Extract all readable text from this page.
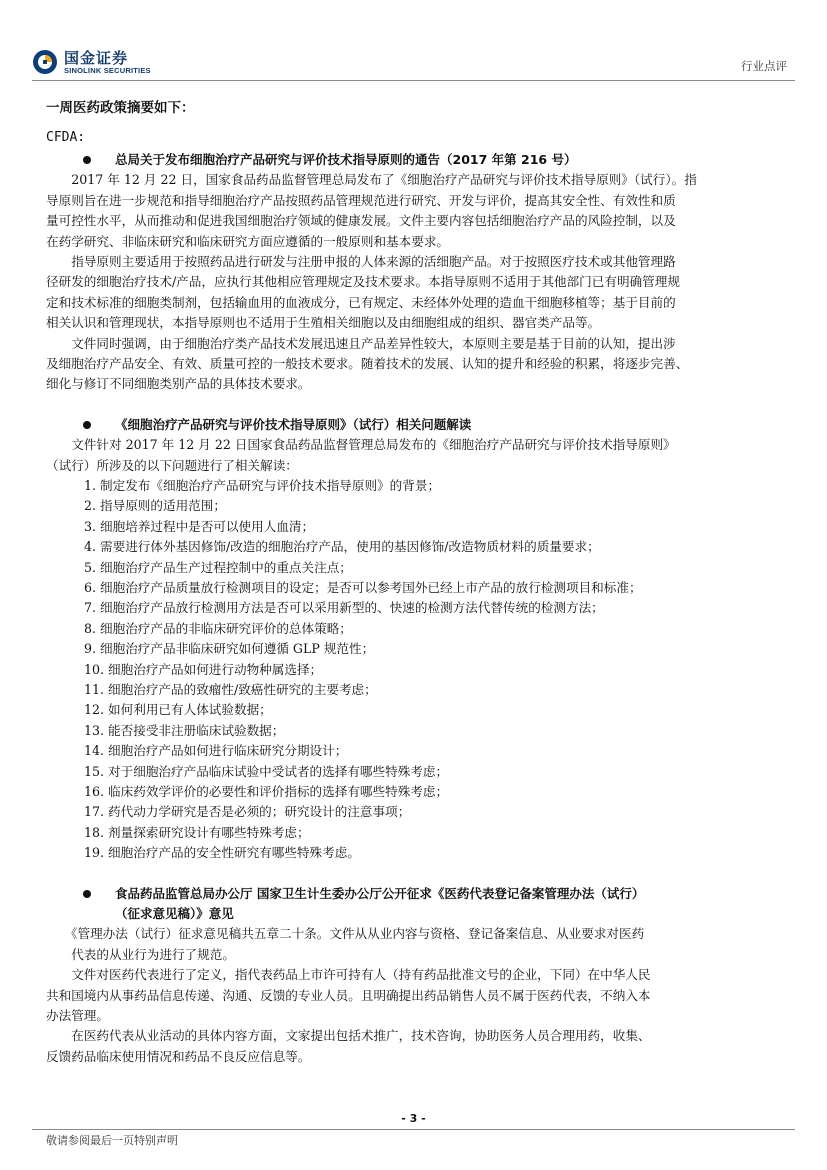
国金证券
SINOLINK SECURITIES	行业点评
一周医药政策摘要如下：
CFDA:
总局关于发布细胞治疗产品研究与评价技术指导原则的通告（2017 年第 216 号）
　　2017 年 12 月 22 日，国家食品药品监督管理总局发布了《细胞治疗产品研究与评价技术指导原则》（试行）。指
导原则旨在进一步规范和指导细胞治疗产品按照药品管理规范进行研究、开发与评价，提高其安全性、有效性和质
量可控性水平，从而推动和促进我国细胞治疗领域的健康发展。文件主要内容包括细胞治疗产品的风险控制，以及
在药学研究、非临床研究和临床研究方面应遵循的一般原则和基本要求。
　　指导原则主要适用于按照药品进行研发与注册申报的人体来源的活细胞产品。对于按照医疗技术或其他管理路
径研发的细胞治疗技术/产品，应执行其他相应管理规定及技术要求。本指导原则不适用于其他部门已有明确管理规
定和技术标准的细胞类制剂，包括输血用的血液成分，已有规定、未经体外处理的造血干细胞移植等；基于目前的
相关认识和管理现状，本指导原则也不适用于生殖相关细胞以及由细胞组成的组织、器官类产品等。
　　文件同时强调，由于细胞治疗类产品技术发展迅速且产品差异性较大，本原则主要是基于目前的认知，提出涉
及细胞治疗产品安全、有效、质量可控的一般技术要求。随着技术的发展、认知的提升和经验的积累，将逐步完善、
细化与修订不同细胞类别产品的具体技术要求。
《细胞治疗产品研究与评价技术指导原则》（试行）相关问题解读
　　文件针对 2017 年 12 月 22 日国家食品药品监督管理总局发布的《细胞治疗产品研究与评价技术指导原则》
（试行）所涉及的以下问题进行了相关解读：
1. 制定发布《细胞治疗产品研究与评价技术指导原则》的背景；
2. 指导原则的适用范围；
3. 细胞培养过程中是否可以使用人血清；
4. 需要进行体外基因修饰/改造的细胞治疗产品，使用的基因修饰/改造物质材料的质量要求；
5. 细胞治疗产品生产过程控制中的重点关注点；
6. 细胞治疗产品质量放行检测项目的设定；是否可以参考国外已经上市产品的放行检测项目和标准；
7. 细胞治疗产品放行检测用方法是否可以采用新型的、快速的检测方法代替传统的检测方法；
8. 细胞治疗产品的非临床研究评价的总体策略；
9. 细胞治疗产品非临床研究如何遵循 GLP 规范性；
10. 细胞治疗产品如何进行动物种属选择；
11. 细胞治疗产品的致瘤性/致癌性研究的主要考虑；
12. 如何利用已有人体试验数据；
13. 能否接受非注册临床试验数据；
14. 细胞治疗产品如何进行临床研究分期设计；
15. 对于细胞治疗产品临床试验中受试者的选择有哪些特殊考虑；
16. 临床药效学评价的必要性和评价指标的选择有哪些特殊考虑；
17. 药代动力学研究是否是必须的；研究设计的注意事项；
18. 剂量探索研究设计有哪些特殊考虑；
19. 细胞治疗产品的安全性研究有哪些特殊考虑。
食品药品监管总局办公厅 国家卫生计生委办公厅公开征求《医药代表登记备案管理办法（试行）
（征求意见稿）》意见
　　《管理办法（试行）征求意见稿共五章二十条。文件从从业内容与资格、登记备案信息、从业要求对医药
　　代表的从业行为进行了规范。
　　文件对医药代表进行了定义，指代表药品上市许可持有人（持有药品批准文号的企业，下同）在中华人民
共和国境内从事药品信息传递、沟通、反馈的专业人员。且明确提出药品销售人员不属于医药代表，不纳入本
办法管理。
　　在医药代表从业活动的具体内容方面，文家提出包括术推广，技术咨询，协助医务人员合理用药，收集、
反馈药品临床使用情况和药品不良反应信息等。
- 3 -
敬请参阅最后一页特别声明
